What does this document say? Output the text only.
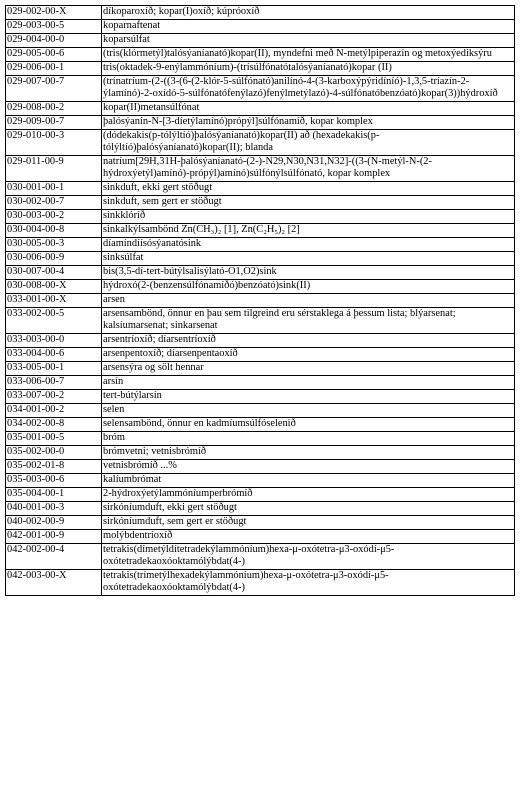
029-002-00-X	díkoparoxíð; kopar(I)oxíð; kúpróoxíð
029-003-00-5	koparnaftenat
029-004-00-0	koparsúlfat
029-005-00-6	(tris(klórmetýl)talósýaníanató)kopar(II), myndefni með N-metýlpiperazín og metoxýediksýru
029-006-00-1	tris(oktadek-9-enýlammóníum)-(trísúlfónatótalósýaníanató)kopar (II)
029-007-00-7	(trínatríum-(2-((3-(6-(2-klór-5-súlfónató)anilínó-4-(3-karboxýpýridíníó)-1,3,5-tríazín-2-ýlamínó)-2-oxídó-5-súlfónatófenýlazó)fenýlmetýlazó)-4-súlfónatóbenzóató)kopar(3))hýdroxíð
029-008-00-2	kopar(II)metansúlfónat
029-009-00-7	þalósýanín-N-[3-díetýlamínó)própýl]súlfónamíð, kopar komplex
029-010-00-3	(dódekakis(p-tólýltíó)þalósýaníanató)kopar(II) að (hexadekakis(p-tólýltíó)þalósýaníanató)kopar(II); blanda
029-011-00-9	natríum[29H,31H-þalósýaníanató-(2-)-N29,N30,N31,N32]-((3-(N-metýl-N-(2-hýdroxýetýl)amínó)-própýl)amínó)súlfónýlsúlfónató, kopar komplex
030-001-00-1	sinkduft, ekki gert stöðugt
030-002-00-7	sinkduft, sem gert er stöðugt
030-003-00-2	sinkklóríð
030-004-00-8	sinkalkýlsambönd Zn(CH₃)₂ [1], Zn(C₂H₅)₂ [2]
030-005-00-3	díamíndíísósýanatósink
030-006-00-9	sinksúlfat
030-007-00-4	bis(3,5-dí-tert-bútýlsalisýlató-O1,O2)sink
030-008-00-X	hýdroxó(2-(benzensúlfónamíðó)benzóató)sink(II)
033-001-00-X	arsen
033-002-00-5	arsensambönd, önnur en þau sem tilgreind eru sérstaklega á þessum lista; blýarsenat; kalsíumarsenat; sinkarsenat
033-003-00-0	arsentríoxíð; díarsentríoxíð
033-004-00-6	arsenpentoxíð; díarsenpentaoxíð
033-005-00-1	arsensýra og sölt hennar
033-006-00-7	arsín
033-007-00-2	tert-bútýlarsín
034-001-00-2	selen
034-002-00-8	selensambönd, önnur en kadmíumsúlfóselenið
035-001-00-5	bróm
035-002-00-0	brómvetni; vetnisbrómíð
035-002-01-8	vetnisbrómíð ...%
035-003-00-6	kalíumbrómat
035-004-00-1	2-hýdroxýetýlammóníumperbrómíð
040-001-00-3	sirkóníumduft, ekki gert stöðugt
040-002-00-9	sirkóníumduft, sem gert er stöðugt
042-001-00-9	molýbdentríoxíð
042-002-00-4	tetrakis(dímetýldítetradekýlammóníum)hexa-μ-oxótetra-μ3-oxódí-μ5-oxótetradekaoxóoktamólýbdat(4-)
042-003-00-X	tetrakis(trímetýlhexadekýlammóníum)hexa-μ-oxótetra-μ3-oxódí-μ5-oxótetradekaoxóoktamólýbdat(4-)
